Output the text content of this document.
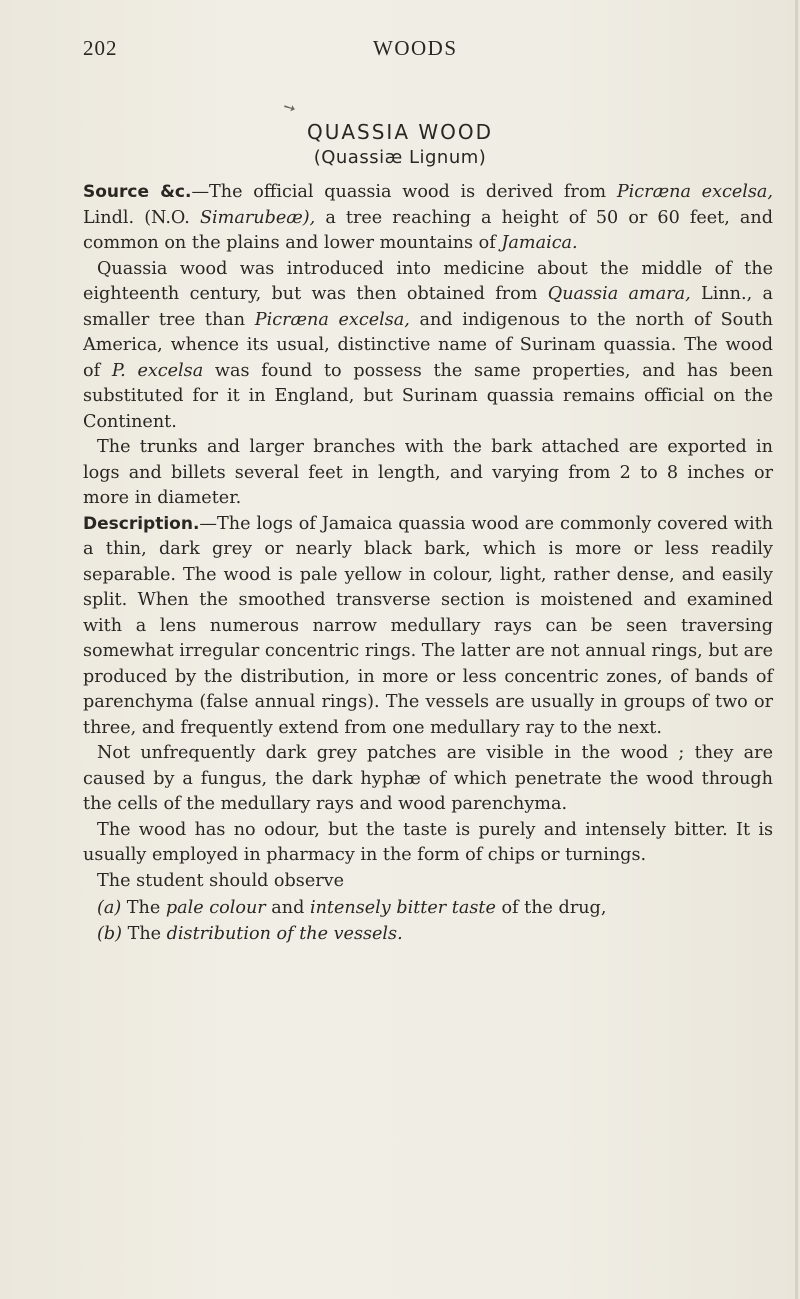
202	WOODS
➘
QUASSIA WOOD
(Quassiæ Lignum)

Source &c.—The official quassia wood is derived from Picræna excelsa, Lindl. (N.O. Simarubeæ), a tree reaching a height of 50 or 60 feet, and common on the plains and lower mountains of Jamaica.

Quassia wood was introduced into medicine about the middle of the eighteenth century, but was then obtained from Quassia amara, Linn., a smaller tree than Picræna excelsa, and indigenous to the north of South America, whence its usual, distinctive name of Surinam quassia. The wood of P. excelsa was found to possess the same properties, and has been substituted for it in England, but Surinam quassia remains official on the Continent.

The trunks and larger branches with the bark attached are exported in logs and billets several feet in length, and varying from 2 to 8 inches or more in diameter.

Description.—The logs of Jamaica quassia wood are commonly covered with a thin, dark grey or nearly black bark, which is more or less readily separable. The wood is pale yellow in colour, light, rather dense, and easily split. When the smoothed transverse section is moistened and examined with a lens numerous narrow medullary rays can be seen traversing somewhat irregular concentric rings. The latter are not annual rings, but are produced by the distribution, in more or less concentric zones, of bands of parenchyma (false annual rings). The vessels are usually in groups of two or three, and frequently extend from one medullary ray to the next.

Not unfrequently dark grey patches are visible in the wood ; they are caused by a fungus, the dark hyphæ of which penetrate the wood through the cells of the medullary rays and wood parenchyma.

The wood has no odour, but the taste is purely and intensely bitter. It is usually employed in pharmacy in the form of chips or turnings.

The student should observe

(a) The pale colour and intensely bitter taste of the drug,

(b) The distribution of the vessels.
